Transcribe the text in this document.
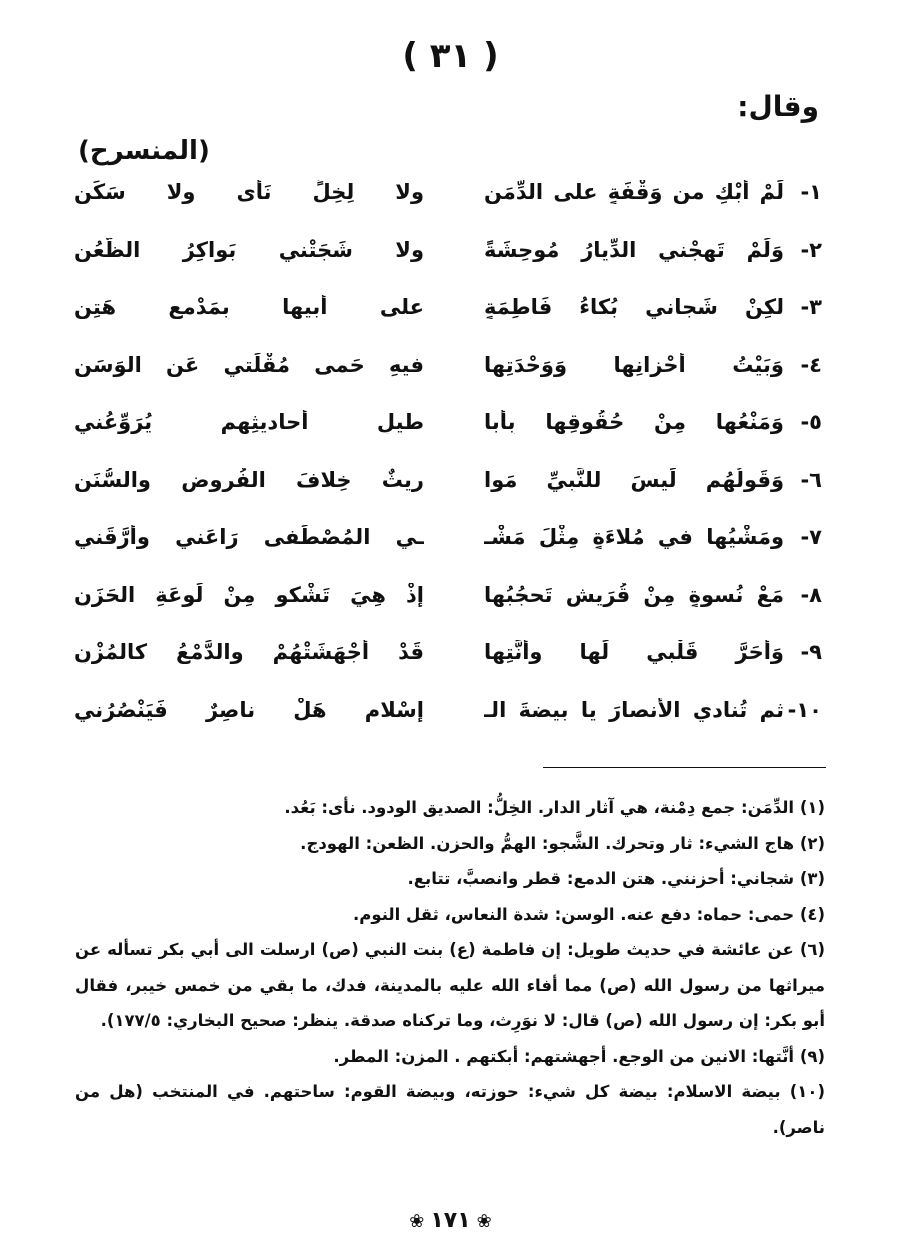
( ٣١ )
وقال:
(المنسرح)
١-
لَمْ أَبْكِ من وَقْفَةٍ على الدِّمَنِ
ولا لِخِلٍّ نَأى ولا سَكَنِ
٢-
وَلَمْ تَهِجْني الدِّيارُ مُوحِشَةً
ولا شَجَتْني بَواكِرُ الظُّعُنِ
٣-
لكِنْ شَجاني بُكاءُ فَاطِمَةٍ
على أَبيها بِمَدْمعٍ هَتِنِ
٤-
وَبَيْتُ أَحْزانِها وَوَحْدَتِها
فيهِ حَمى مُقْلَتي عَنِ الوَسَنِ
٥-
وَمَنْعُها مِنْ حُقُوقِها بِأَبا
طيلِ أَحاديثِهِم يُرَوِّعُني
٦-
وَقَولُهُم لَيسَ للنَّبِيِّ مَوا
ريثٌ خِلافَ الفُروضِ والسُّنَنِ
٧-
ومَشْيُها في مُلاءَةٍ مِثْلَ مَشْـ
ـيِ المُصْطَفى رَاعَني وأرَّقَني
٨-
مَعْ نُسوةٍ مِنْ قُرَيشٍ تَحجُبُها
إذْ هِيَ تَشْكو مِنْ لَوعَةِ الحَزَنِ
٩-
وَأحَرَّ قَلْبي لَها وأنَّتِها
قَدْ أَجْهَشَتْهُمْ والدَّمْعُ كالمُزْنِ
١٠-
ثم تُنادي الأنصارَ يا بيضةَ الـ
إسْلامِ هَلْ ناصِرٌ فَيَنْصُرُني
(١) الدِّمَن: جمع دِمْنة، هي آثار الدار. الخِلُّ: الصديق الودود. نأى: بَعُد.
(٢) هاج الشيء: ثار وتحرك. الشَّجو: الهمُّ والحزن. الظعن: الهودج.
(٣) شجاني: أحزنني. هتن الدمع: قطر وانصبَّ، تتابع.
(٤) حمى: حماه: دفع عنه. الوسن: شدة النعاس، ثقل النوم.
(٦) عن عائشة في حديث طويل: إن فاطمة (ع) بنت النبي (ص) ارسلت الى أبي بكر تسأله عن ميراثها من رسول الله (ص) مما أفاء الله عليه بالمدينة، فدك، ما بقي من خمس خيبر، فقال أبو بكر: إن رسول الله (ص) قال: لا نوَرِث، وما تركناه صدقة. ينظر: صحيح البخاري: ١٧٧/٥).
(٩) أنَّتها: الانين من الوجع. أجهشتهم: أبكتهم . المزن: المطر.
(١٠) بيضة الاسلام: بيضة كل شيء: حوزته، وبيضة القوم: ساحتهم. في المنتخب (هل من ناصر).
❀ ١٧١ ❀
